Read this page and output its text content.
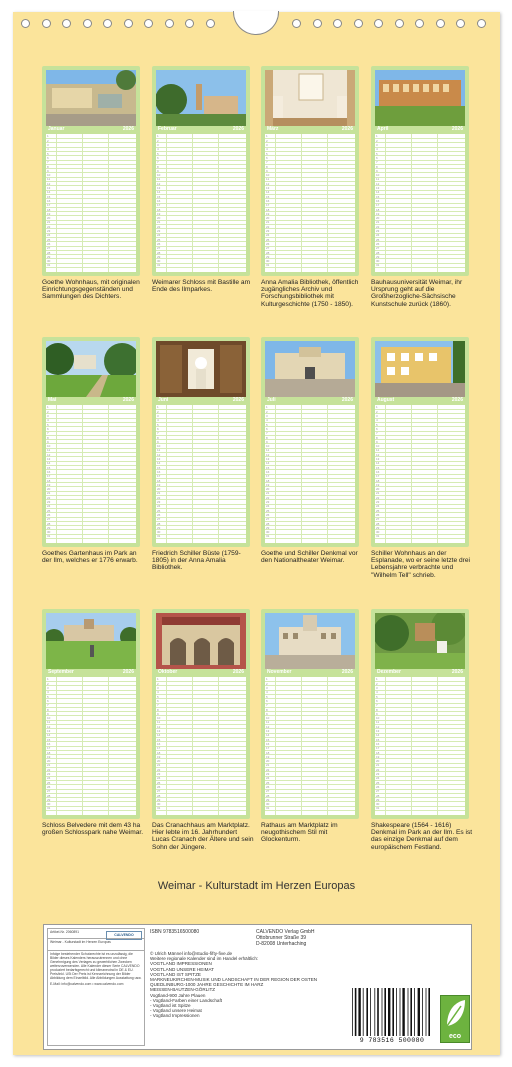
Januar	2026
1
2
3
4
5
6
7
8
9
10
11
12
13
14
15
16
17
18
19
20
21
22
23
24
25
26
27
28
29
30
31
Goethe Wohnhaus, mit originalen Einrichtungsgegenständen und Sammlungen des Dichters.
Februar	2026
1
2
3
4
5
6
7
8
9
10
11
12
13
14
15
16
17
18
19
20
21
22
23
24
25
26
27
28
29
30
31
Weimarer Schloss mit Bastille am Ende des Ilmparkes.
März	2026
1
2
3
4
5
6
7
8
9
10
11
12
13
14
15
16
17
18
19
20
21
22
23
24
25
26
27
28
29
30
31
Anna Amalia Bibliothek, öffentlich zugängliches Archiv und Forschungsbibliothek mit Kulturgeschichte (1750 - 1850).
April	2026
1
2
3
4
5
6
7
8
9
10
11
12
13
14
15
16
17
18
19
20
21
22
23
24
25
26
27
28
29
30
31
Bauhausuniversität Weimar, ihr Ursprung geht auf die Großherzogliche-Sächsische Kunstschule zurück (1860).
Mai	2026
1
2
3
4
5
6
7
8
9
10
11
12
13
14
15
16
17
18
19
20
21
22
23
24
25
26
27
28
29
30
31
Goethes Gartenhaus im Park an der Ilm, welches er 1776 erwarb.
Juni	2026
1
2
3
4
5
6
7
8
9
10
11
12
13
14
15
16
17
18
19
20
21
22
23
24
25
26
27
28
29
30
31
Friedrich Schiller Büste (1759-1805) in der Anna Amalia Bibliothek.
Juli	2026
1
2
3
4
5
6
7
8
9
10
11
12
13
14
15
16
17
18
19
20
21
22
23
24
25
26
27
28
29
30
31
Goethe und Schiller Denkmal vor den Nationaltheater Weimar.
August	2026
1
2
3
4
5
6
7
8
9
10
11
12
13
14
15
16
17
18
19
20
21
22
23
24
25
26
27
28
29
30
31
Schiller Wohnhaus an der Esplanade, wo er seine letzte drei Lebensjahre verbrachte und "Wilhelm Tell" schrieb.
September	2026
1
2
3
4
5
6
7
8
9
10
11
12
13
14
15
16
17
18
19
20
21
22
23
24
25
26
27
28
29
30
31
Schloss Belvedere mit dem 43 ha großen Schlosspark nahe Weimar.
Oktober	2026
1
2
3
4
5
6
7
8
9
10
11
12
13
14
15
16
17
18
19
20
21
22
23
24
25
26
27
28
29
30
31
Das Cranachhaus am Marktplatz. Hier lebte im 16. Jahrhundert Lucas Cranach der Ältere und sein Sohn der Jüngere.
November	2026
1
2
3
4
5
6
7
8
9
10
11
12
13
14
15
16
17
18
19
20
21
22
23
24
25
26
27
28
29
30
31
Rathaus am Marktplatz im neugothischem Stil mit Glockenturm.
Dezember	2026
1
2
3
4
5
6
7
8
9
10
11
12
13
14
15
16
17
18
19
20
21
22
23
24
25
26
27
28
29
30
31
Shakespeare (1564 - 1616) Denkmal im Park an der Ilm. Es ist das einzige Denkmal auf dem europäischem Festland.
Weimar - Kulturstadt im Herzen Europas
Artikel-Nr. 2060891
CALVENDO
Weimar - Kulturstadt im Herzen Europas
Infolge bestehender Schutzrechte ist es unzulässig, die Bilder dieses Kalenders herauszutrennen und ohne Genehmigung des Verlages zu gewerblichen Zwecken weiterzuverwenden. Alle Kalender dieser Serie CALVENDO produziert bedarfsgerecht und klimaneutral in DE & EU. Preis/inkl. USt Der Preis ist Kennzeichnung der Bilder Abbildung dem Einzelbild. Alle Abbildungen Ausstattung usw.
E-Mail: info@calvendo.com • www.calvendo.com
ISBN 9783516500080	CALVENDO Verlag GmbH
Ottobrunner Straße 39
D-82008 Unterhaching
© Ulrich Männel info@studio-fifty-five.de
Weitere regionale Kalender sind im Handel erhältlich:
VOGTLAND IMPRESSIONEN
VOGTLAND UNSERE HEIMAT
VOGTLAND IST SPITZE
MARKNEUKIRCHEN-MUSIK UND LANDSCHAFT IN DER REGION DER OSTEN
QUEDLINBURG-1000 JAHRE GESCHICHTE IM HARZ
MEISSEN-BAUTZEN-GÖRLITZ
Vogtland-900 Jahre Plauen
- Vogtland-Farben einer Landschaft
- Vogtland ist Spitze
- Vogtland unsere Heimat
- Vogtland Impressionen
9 783516 500080
eco
